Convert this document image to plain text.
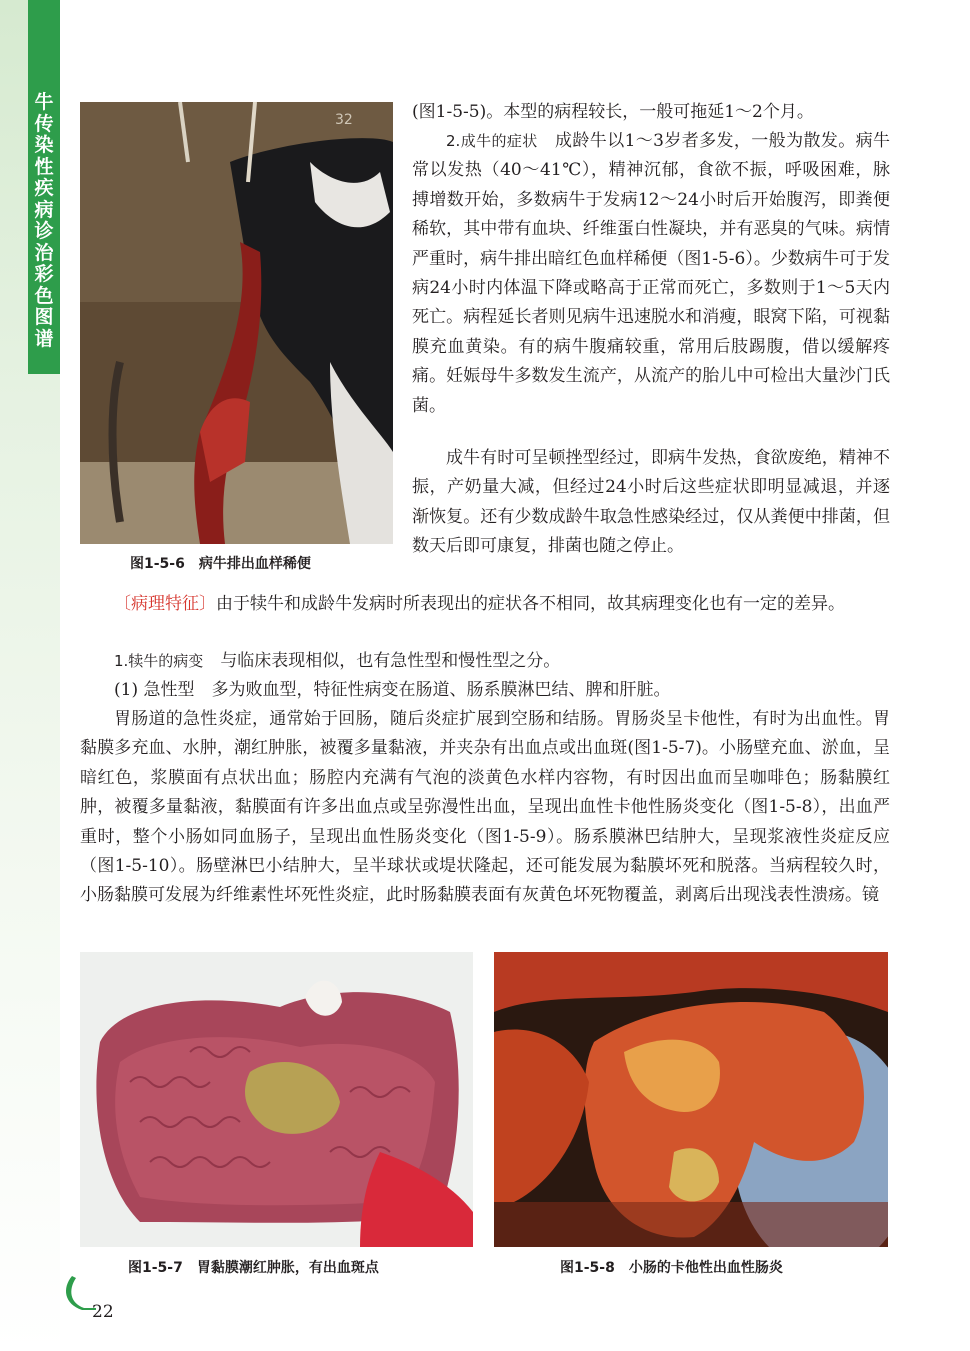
牛传染性疾病诊治彩色图谱
32
图1-5-6 病牛排出血样稀便

(图1-5-5)。本型的病程较长，一般可拖延1～2个月。

2.成牛的症状　 成龄牛以1～3岁者多发，一般为散发。病牛常以发热（40～41℃），精神沉郁，食欲不振，呼吸困难，脉搏增数开始，多数病牛于发病12～24小时后开始腹泻，即粪便稀软，其中带有血块、纤维蛋白性凝块，并有恶臭的气味。病情严重时，病牛排出暗红色血样稀便（图1-5-6）。少数病牛可于发病24小时内体温下降或略高于正常而死亡，多数则于1～5天内死亡。病程延长者则见病牛迅速脱水和消瘦，眼窝下陷，可视黏膜充血黄染。有的病牛腹痛较重，常用后肢踢腹，借以缓解疼痛。妊娠母牛多数发生流产，从流产的胎儿中可检出大量沙门氏菌。

成牛有时可呈顿挫型经过，即病牛发热，食欲废绝，精神不振，产奶量大减，但经过24小时后这些症状即明显减退，并逐渐恢复。还有少数成龄牛取急性感染经过，仅从粪便中排菌，但数天后即可康复，排菌也随之停止。

〔病理特征〕由于犊牛和成龄牛发病时所表现出的症状各不相同，故其病理变化也有一定的差异。

1.犊牛的病变　 与临床表现相似，也有急性型和慢性型之分。

(1) 急性型　多为败血型，特征性病变在肠道、肠系膜淋巴结、脾和肝脏。

胃肠道的急性炎症，通常始于回肠，随后炎症扩展到空肠和结肠。胃肠炎呈卡他性，有时为出血性。胃黏膜多充血、水肿，潮红肿胀，被覆多量黏液，并夹杂有出血点或出血斑(图1-5-7)。小肠壁充血、淤血，呈暗红色，浆膜面有点状出血；肠腔内充满有气泡的淡黄色水样内容物，有时因出血而呈咖啡色；肠黏膜红肿，被覆多量黏液，黏膜面有许多出血点或呈弥漫性出血，呈现出血性卡他性肠炎变化（图1-5-8），出血严重时，整个小肠如同血肠子，呈现出血性肠炎变化（图1-5-9）。肠系膜淋巴结肿大，呈现浆液性炎症反应（图1-5-10）。肠壁淋巴小结肿大，呈半球状或堤状隆起，还可能发展为黏膜坏死和脱落。当病程较久时，小肠黏膜可发展为纤维素性坏死性炎症，此时肠黏膜表面有灰黄色坏死物覆盖，剥离后出现浅表性溃疡。镜

图1-5-7 胃黏膜潮红肿胀，有出血斑点	图1-5-8 小肠的卡他性出血性肠炎
22
